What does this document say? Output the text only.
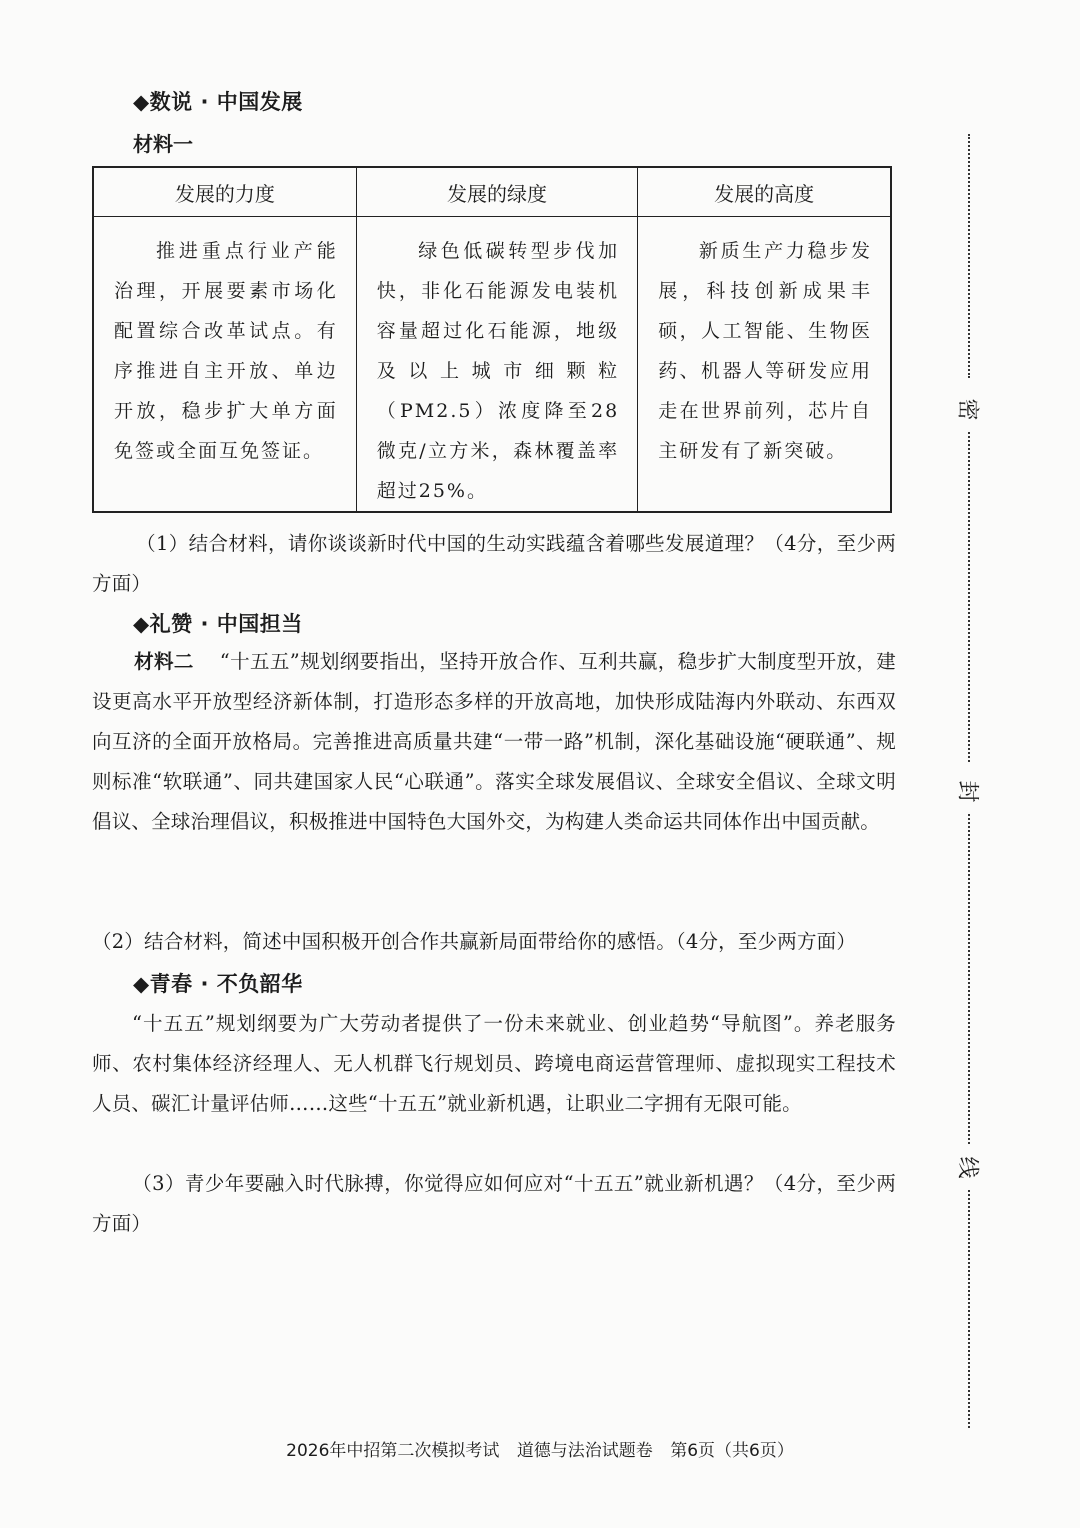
◆数说 · 中国发展
材料一
发展的力度	发展的绿度	发展的高度
推进重点行业产能治理，开展要素市场化配置综合改革试点。有序推进自主开放、单边开放，稳步扩大单方面免签或全面互免签证。	绿色低碳转型步伐加快，非化石能源发电装机容量超过化石能源，地级及以上城市细颗粒（PM2.5）浓度降至28微克/立方米，森林覆盖率超过25%。	新质生产力稳步发展，科技创新成果丰硕，人工智能、生物医药、机器人等研发应用走在世界前列，芯片自主研发有了新突破。
（1）结合材料，请你谈谈新时代中国的生动实践蕴含着哪些发展道理？（4分，至少两方面）
◆礼赞 · 中国担当
材料二 “十五五”规划纲要指出，坚持开放合作、互利共赢，稳步扩大制度型开放，建设更高水平开放型经济新体制，打造形态多样的开放高地，加快形成陆海内外联动、东西双向互济的全面开放格局。完善推进高质量共建“一带一路”机制，深化基础设施“硬联通”、规则标准“软联通”、同共建国家人民“心联通”。落实全球发展倡议、全球安全倡议、全球文明倡议、全球治理倡议，积极推进中国特色大国外交，为构建人类命运共同体作出中国贡献。
（2）结合材料，简述中国积极开创合作共赢新局面带给你的感悟。（4分，至少两方面）
◆青春 · 不负韶华
“十五五”规划纲要为广大劳动者提供了一份未来就业、创业趋势“导航图”。养老服务师、农村集体经济经理人、无人机群飞行规划员、跨境电商运营管理师、虚拟现实工程技术人员、碳汇计量评估师……这些“十五五”就业新机遇，让职业二字拥有无限可能。
（3）青少年要融入时代脉搏，你觉得应如何应对“十五五”就业新机遇？（4分，至少两方面）
密
封
线
2026年中招第二次模拟考试 道德与法治试题卷 第6页（共6页）
